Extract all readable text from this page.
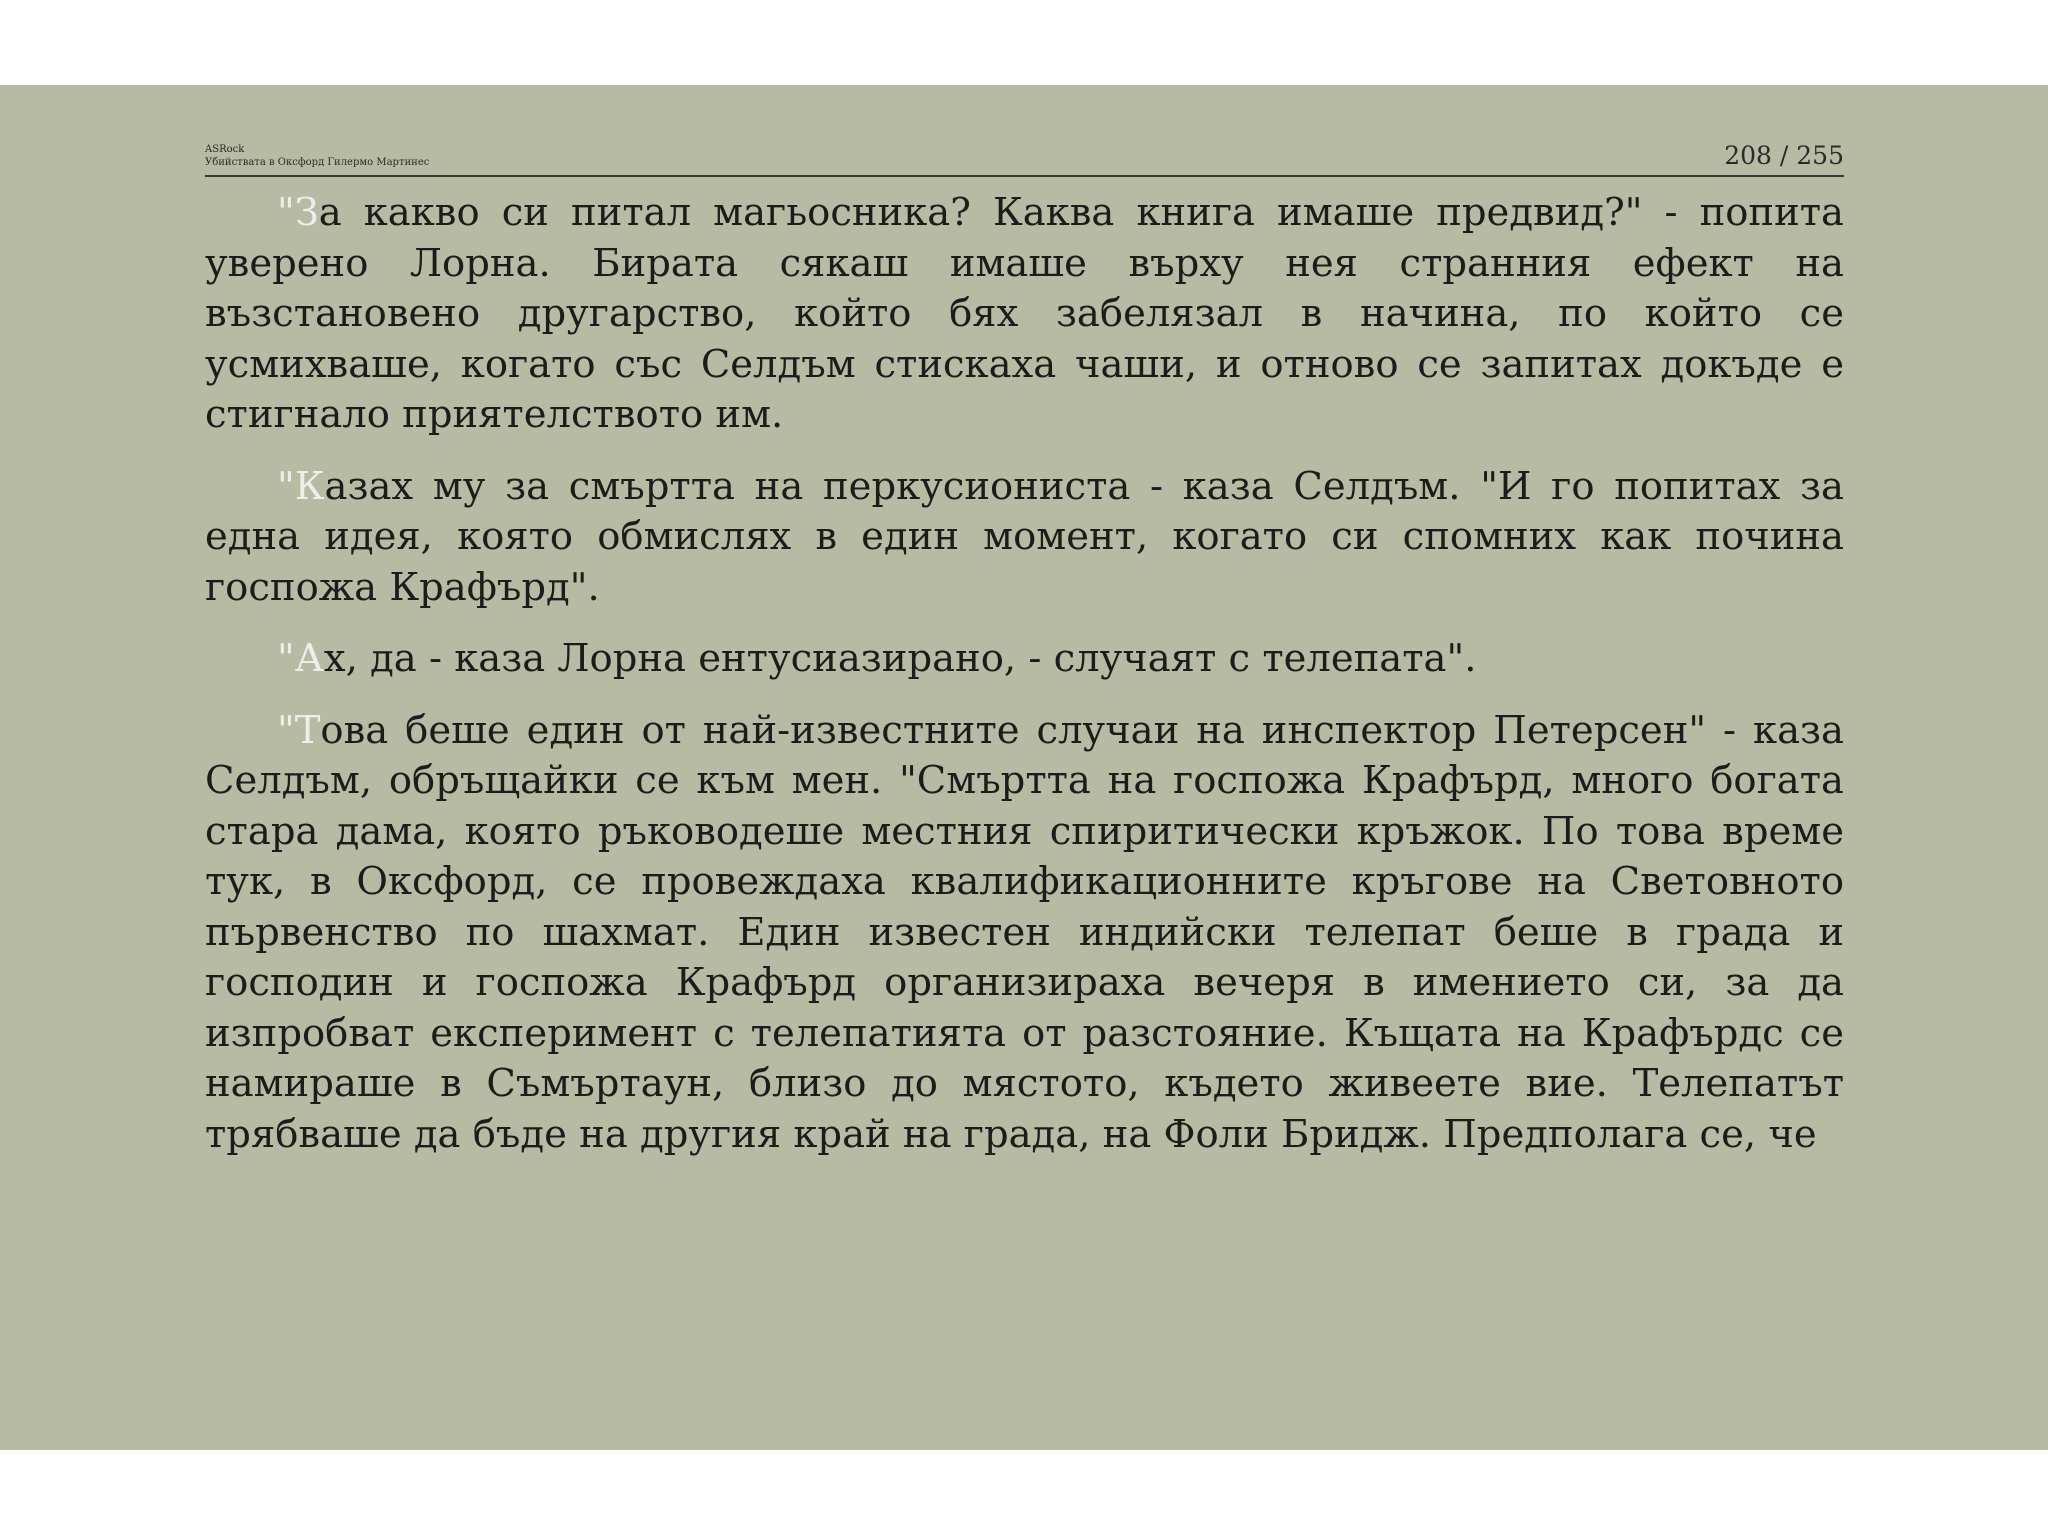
ASRock
Убийствата в Оксфорд Гилермо Мартинес	208 / 255

"За какво си питал магьосника? Каква книга имаше предвид?" - попита уверено Лорна. Бирата сякаш имаше върху нея странния ефект на възстановено другарство, който бях забелязал в начина, по който се усмихваше, когато със Селдъм стискаха чаши, и отново се запитах докъде е стигнало приятелството им.

"Казах му за смъртта на перкусиониста - каза Селдъм. "И го попитах за една идея, която обмислях в един момент, когато си спомних как почина госпожа Крафърд".

"Ах, да - каза Лорна ентусиазирано, - случаят с телепата".

"Това беше един от най-известните случаи на инспектор Петерсен" - каза Селдъм, обръщайки се към мен. "Смъртта на госпожа Крафърд, много богата стара дама, която ръководеше местния спиритически кръжок. По това време тук, в Оксфорд, се провеждаха квалификационните кръгове на Световното първенство по шахмат. Един известен индийски телепат беше в града и господин и госпожа Крафърд организираха вечеря в имението си, за да изпробват експеримент с телепатията от разстояние. Къщата на Крафърдс се намираше в Съмъртаун, близо до мястото, където живеете вие. Телепатът трябваше да бъде на другия край на града, на Фоли Бридж. Предполага се, че
